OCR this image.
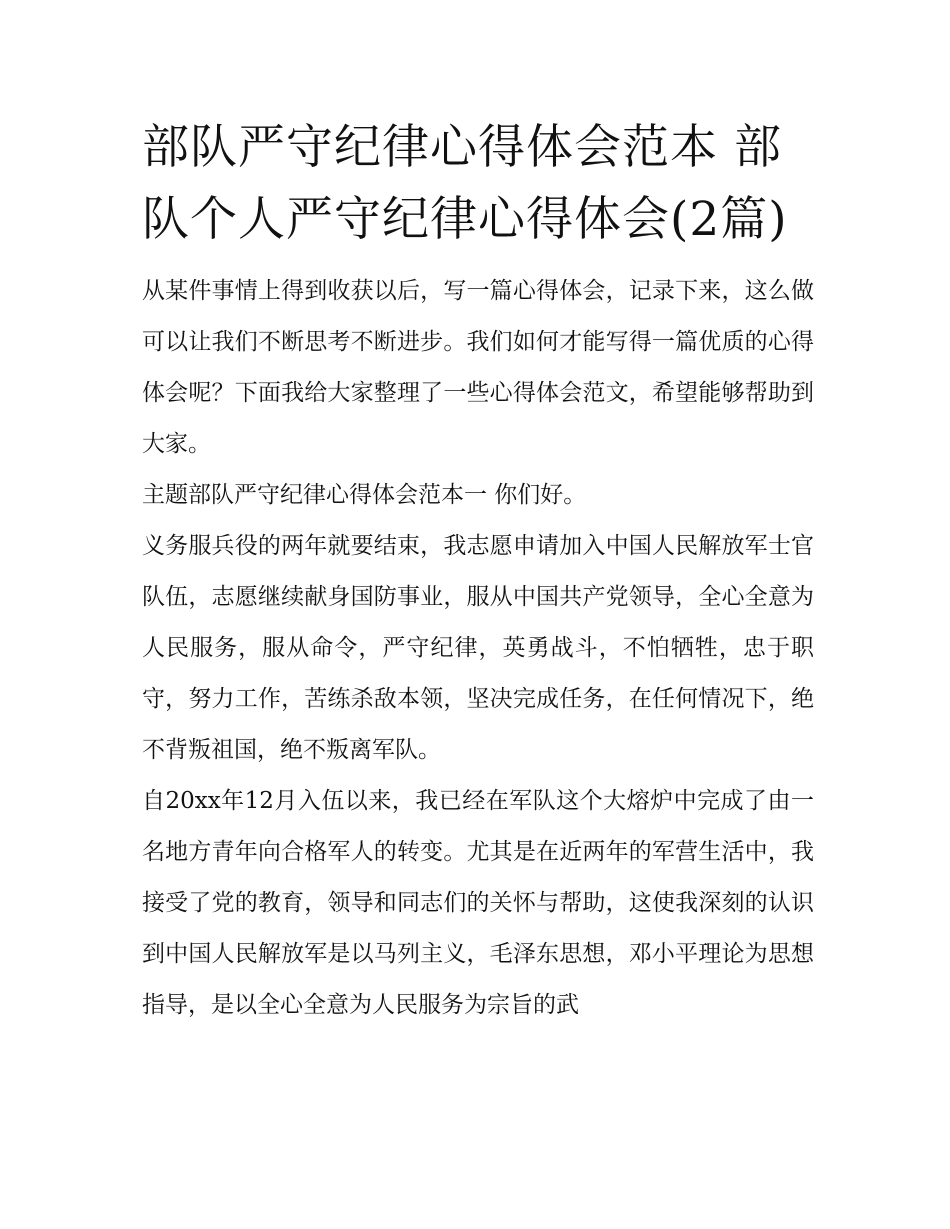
部队严守纪律心得体会范本 部队个人严守纪律心得体会(2篇)

从某件事情上得到收获以后，写一篇心得体会，记录下来，这么做可以让我们不断思考不断进步。我们如何才能写得一篇优质的心得体会呢？下面我给大家整理了一些心得体会范文，希望能够帮助到大家。

主题部队严守纪律心得体会范本一 你们好。

义务服兵役的两年就要结束，我志愿申请加入中国人民解放军士官队伍，志愿继续献身国防事业，服从中国共产党领导，全心全意为人民服务，服从命令，严守纪律，英勇战斗，不怕牺牲，忠于职守，努力工作，苦练杀敌本领，坚决完成任务，在任何情况下，绝不背叛祖国，绝不叛离军队。

自20xx年12月入伍以来，我已经在军队这个大熔炉中完成了由一名地方青年向合格军人的转变。尤其是在近两年的军营生活中，我接受了党的教育，领导和同志们的关怀与帮助，这使我深刻的认识到中国人民解放军是以马列主义，毛泽东思想，邓小平理论为思想指导，是以全心全意为人民服务为宗旨的武
